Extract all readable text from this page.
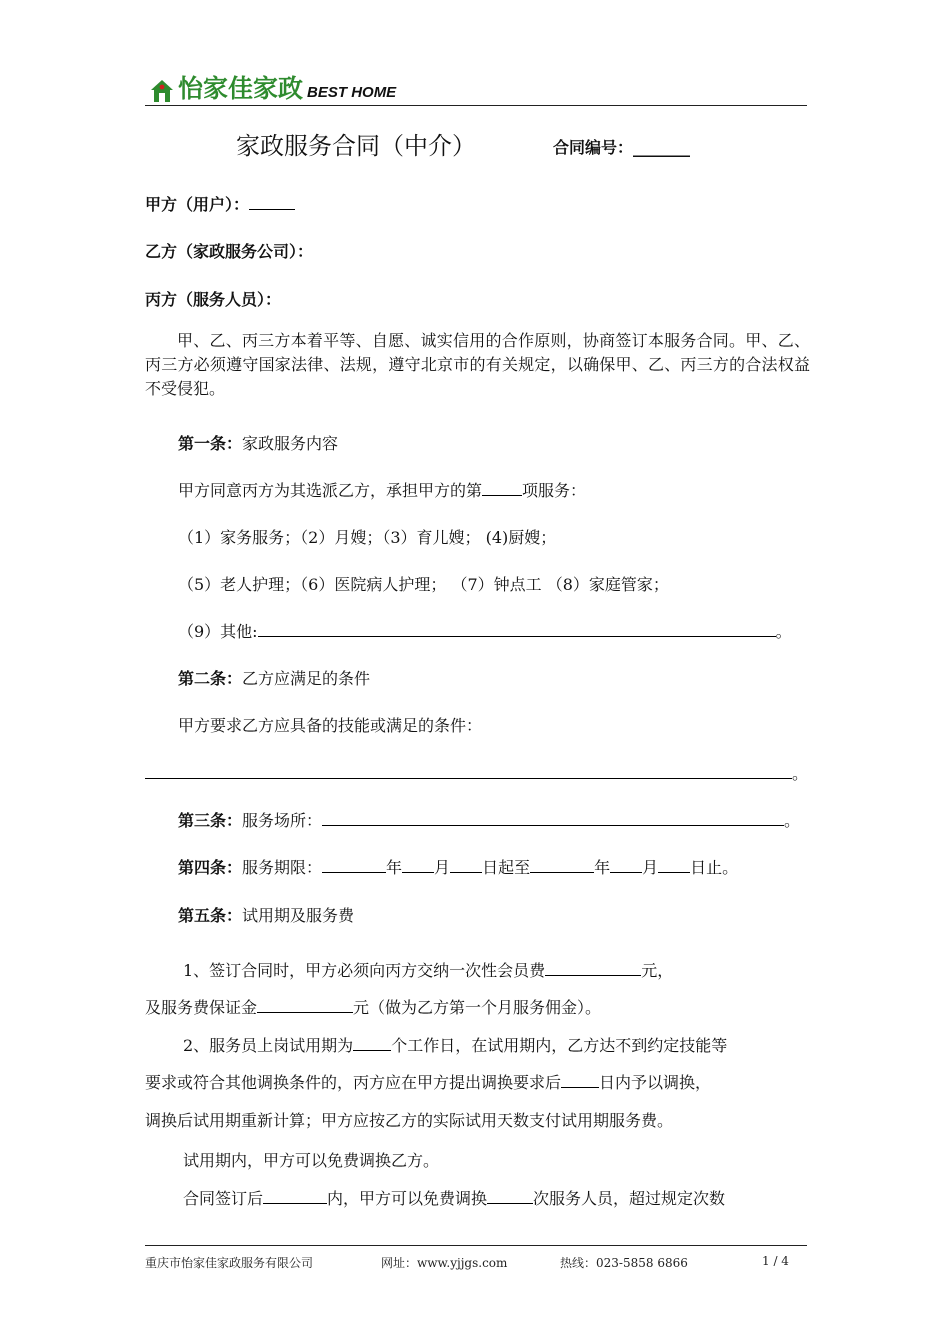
怡家佳家政 BEST HOME
家政服务合同（中介）	合同编号：________
甲方（用户）：
乙方（家政服务公司）：
丙方（服务人员）：
甲、乙、丙三方本着平等、自愿、诚实信用的合作原则，协商签订本服务合同。甲、乙、丙三方必须遵守国家法律、法规，遵守北京市的有关规定，以确保甲、乙、丙三方的合法权益不受侵犯。
第一条：家政服务内容
甲方同意丙方为其选派乙方，承担甲方的第	项服务：
（1）家务服务；（2）月嫂；（3）育儿嫂； (4)厨嫂；
（5）老人护理；（6）医院病人护理； （7）钟点工 （8）家庭管家；
（9）其他:	。
第二条：乙方应满足的条件
甲方要求乙方应具备的技能或满足的条件：
。
第三条：服务场所：	。
第四条：服务期限：	年 月 日起至	年 月 日止。
第五条：试用期及服务费
1、签订合同时，甲方必须向丙方交纳一次性会员费	元，
及服务费保证金	元（做为乙方第一个月服务佣金）。
2、服务员上岗试用期为 个工作日，在试用期内，乙方达不到约定技能等
要求或符合其他调换条件的，丙方应在甲方提出调换要求后 日内予以调换，
调换后试用期重新计算；甲方应按乙方的实际试用天数支付试用期服务费。
试用期内，甲方可以免费调换乙方。
合同签订后	内，甲方可以免费调换	次服务人员，超过规定次数
重庆市怡家佳家政服务有限公司	网址：www.yjjgs.com	热线：023-5858 6866	1 / 4
